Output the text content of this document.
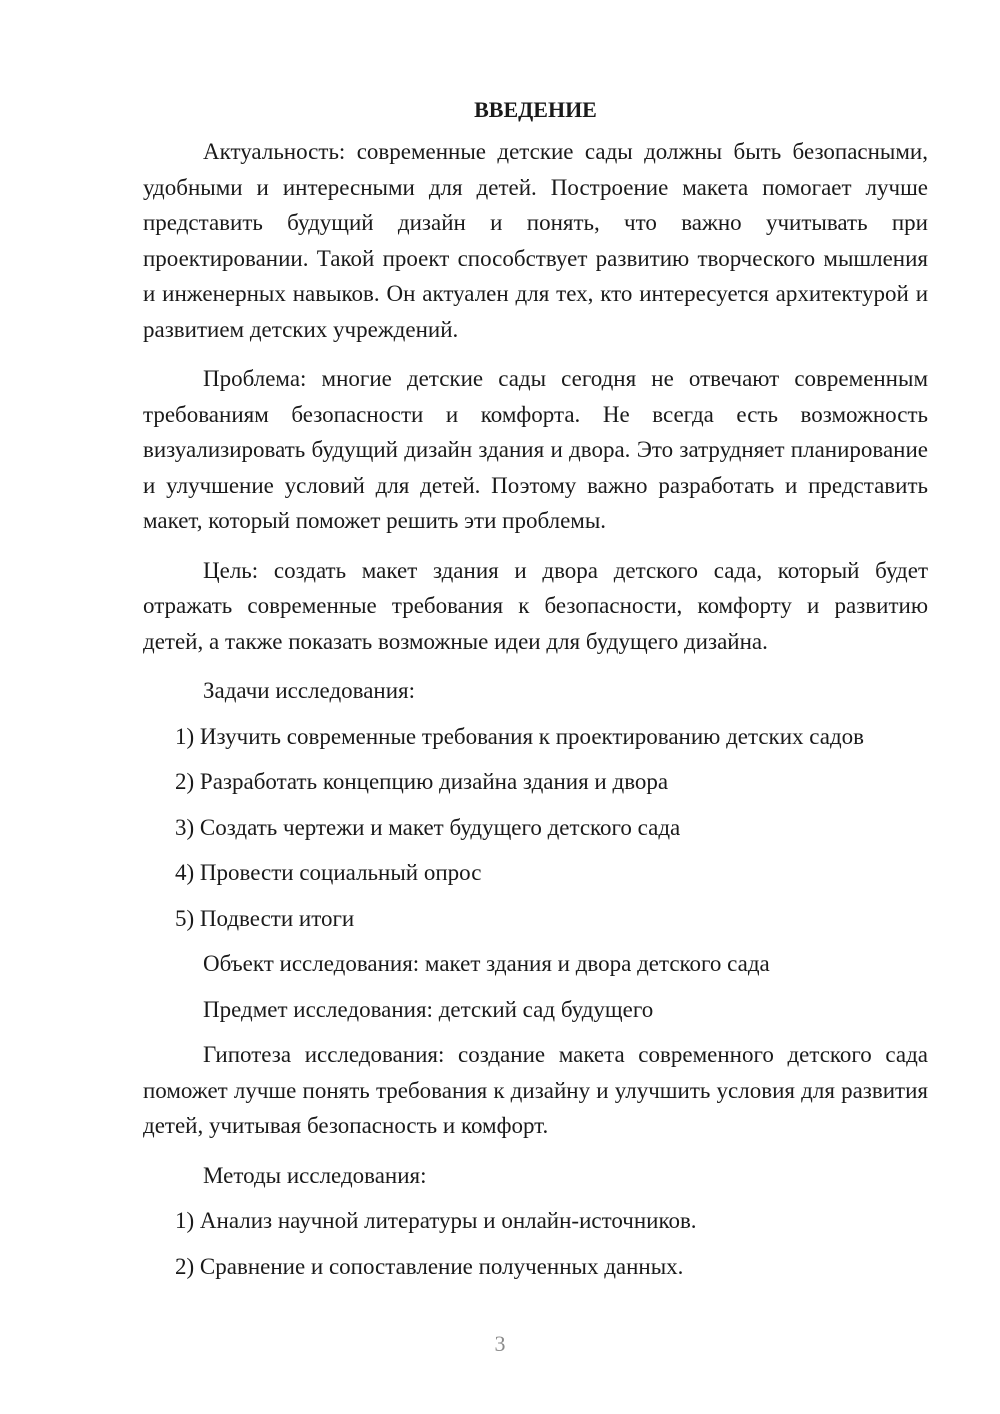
ВВЕДЕНИЕ

Актуальность: современные детские сады должны быть безопасными, удобными и интересными для детей. Построение макета помогает лучше представить будущий дизайн и понять, что важно учитывать при проектировании. Такой проект способствует развитию творческого мышления и инженерных навыков. Он актуален для тех, кто интересуется архитектурой и развитием детских учреждений.

Проблема: многие детские сады сегодня не отвечают современным требованиям безопасности и комфорта. Не всегда есть возможность визуализировать будущий дизайн здания и двора. Это затрудняет планирование и улучшение условий для детей. Поэтому важно разработать и представить макет, который поможет решить эти проблемы.

Цель: создать макет здания и двора детского сада, который будет отражать современные требования к безопасности, комфорту и развитию детей, а также показать возможные идеи для будущего дизайна.

Задачи исследования:
1) Изучить современные требования к проектированию детских садов
2) Разработать концепцию дизайна здания и двора
3) Создать чертежи и макет будущего детского сада
4) Провести социальный опрос
5) Подвести итоги
Объект исследования: макет здания и двора детского сада
Предмет исследования: детский сад будущего

Гипотеза исследования: создание макета современного детского сада поможет лучше понять требования к дизайну и улучшить условия для развития детей, учитывая безопасность и комфорт.

Методы исследования:
1) Анализ научной литературы и онлайн-источников.
2) Сравнение и сопоставление полученных данных.
3
